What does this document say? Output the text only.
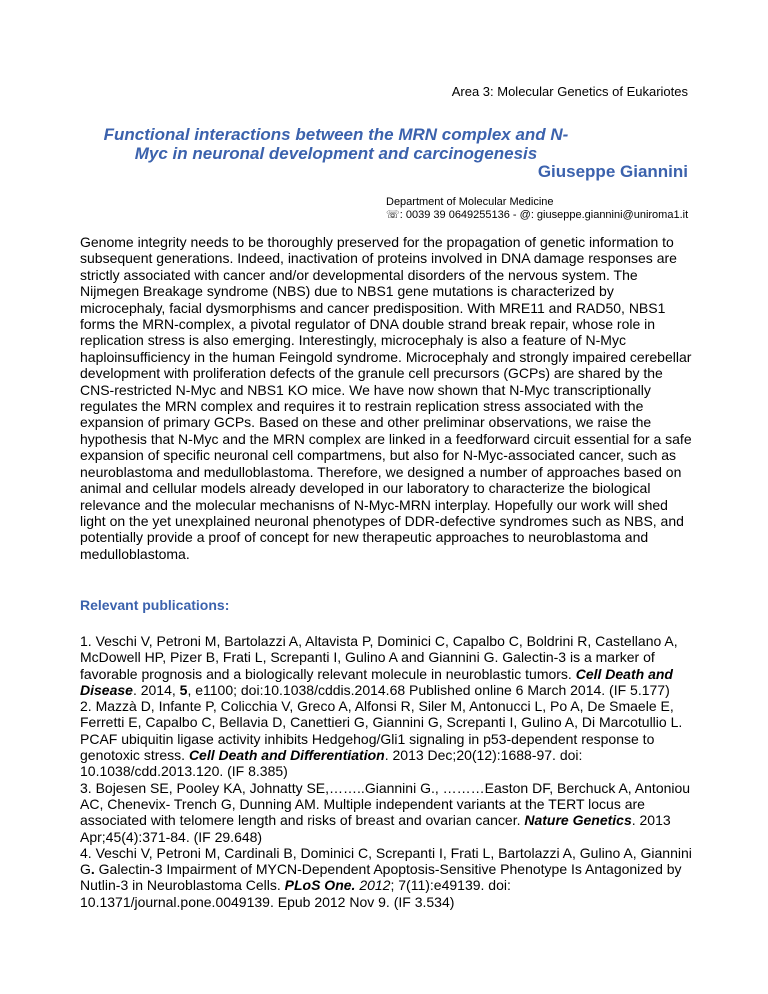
Area 3: Molecular Genetics of Eukariotes
Functional interactions between the MRN complex and N-Myc in neuronal development and carcinogenesis
Giuseppe Giannini
Department of Molecular Medicine
☏: 0039 39 0649255136 - @: giuseppe.giannini@uniroma1.it

Genome integrity needs to be thoroughly preserved for the propagation of genetic information to subsequent generations. Indeed, inactivation of proteins involved in DNA damage responses are strictly associated with cancer and/or developmental disorders of the nervous system. The Nijmegen Breakage syndrome (NBS) due to NBS1 gene mutations is characterized by microcephaly, facial dysmorphisms and cancer predisposition. With MRE11 and RAD50, NBS1 forms the MRN-complex, a pivotal regulator of DNA double strand break repair, whose role in replication stress is also emerging. Interestingly, microcephaly is also a feature of N-Myc haploinsufficiency in the human Feingold syndrome. Microcephaly and strongly impaired cerebellar development with proliferation defects of the granule cell precursors (GCPs) are shared by the CNS-restricted N-Myc and NBS1 KO mice. We have now shown that N-Myc transcriptionally regulates the MRN complex and requires it to restrain replication stress associated with the expansion of primary GCPs. Based on these and other preliminar observations, we raise the hypothesis that N-Myc and the MRN complex are linked in a feedforward circuit essential for a safe expansion of specific neuronal cell compartmens, but also for N-Myc-associated cancer, such as neuroblastoma and medulloblastoma. Therefore, we designed a number of approaches based on animal and cellular models already developed in our laboratory to characterize the biological relevance and the molecular mechanisns of N-Myc-MRN interplay. Hopefully our work will shed light on the yet unexplained neuronal phenotypes of DDR-defective syndromes such as NBS, and potentially provide a proof of concept for new therapeutic approaches to neuroblastoma and medulloblastoma.

Relevant publications:

1. Veschi V, Petroni M, Bartolazzi A, Altavista P, Dominici C, Capalbo C, Boldrini R, Castellano A, McDowell HP, Pizer B, Frati L, Screpanti I, Gulino A and Giannini G. Galectin-3 is a marker of favorable prognosis and a biologically relevant molecule in neuroblastic tumors. Cell Death and Disease. 2014, 5, e1100; doi:10.1038/cddis.2014.68 Published online 6 March 2014. (IF 5.177)

2. Mazzà D, Infante P, Colicchia V, Greco A, Alfonsi R, Siler M, Antonucci L, Po A, De Smaele E, Ferretti E, Capalbo C, Bellavia D, Canettieri G, Giannini G, Screpanti I, Gulino A, Di Marcotullio L. PCAF ubiquitin ligase activity inhibits Hedgehog/Gli1 signaling in p53-dependent response to genotoxic stress. Cell Death and Differentiation. 2013 Dec;20(12):1688-97. doi: 10.1038/cdd.2013.120. (IF 8.385)

3. Bojesen SE, Pooley KA, Johnatty SE,……..Giannini G., ………Easton DF, Berchuck A, Antoniou AC, Chenevix- Trench G, Dunning AM. Multiple independent variants at the TERT locus are associated with telomere length and risks of breast and ovarian cancer. Nature Genetics. 2013 Apr;45(4):371-84. (IF 29.648)

4. Veschi V, Petroni M, Cardinali B, Dominici C, Screpanti I, Frati L, Bartolazzi A, Gulino A, Giannini G. Galectin-3 Impairment of MYCN-Dependent Apoptosis-Sensitive Phenotype Is Antagonized by Nutlin-3 in Neuroblastoma Cells. PLoS One. 2012; 7(11):e49139. doi: 10.1371/journal.pone.0049139. Epub 2012 Nov 9. (IF 3.534)
